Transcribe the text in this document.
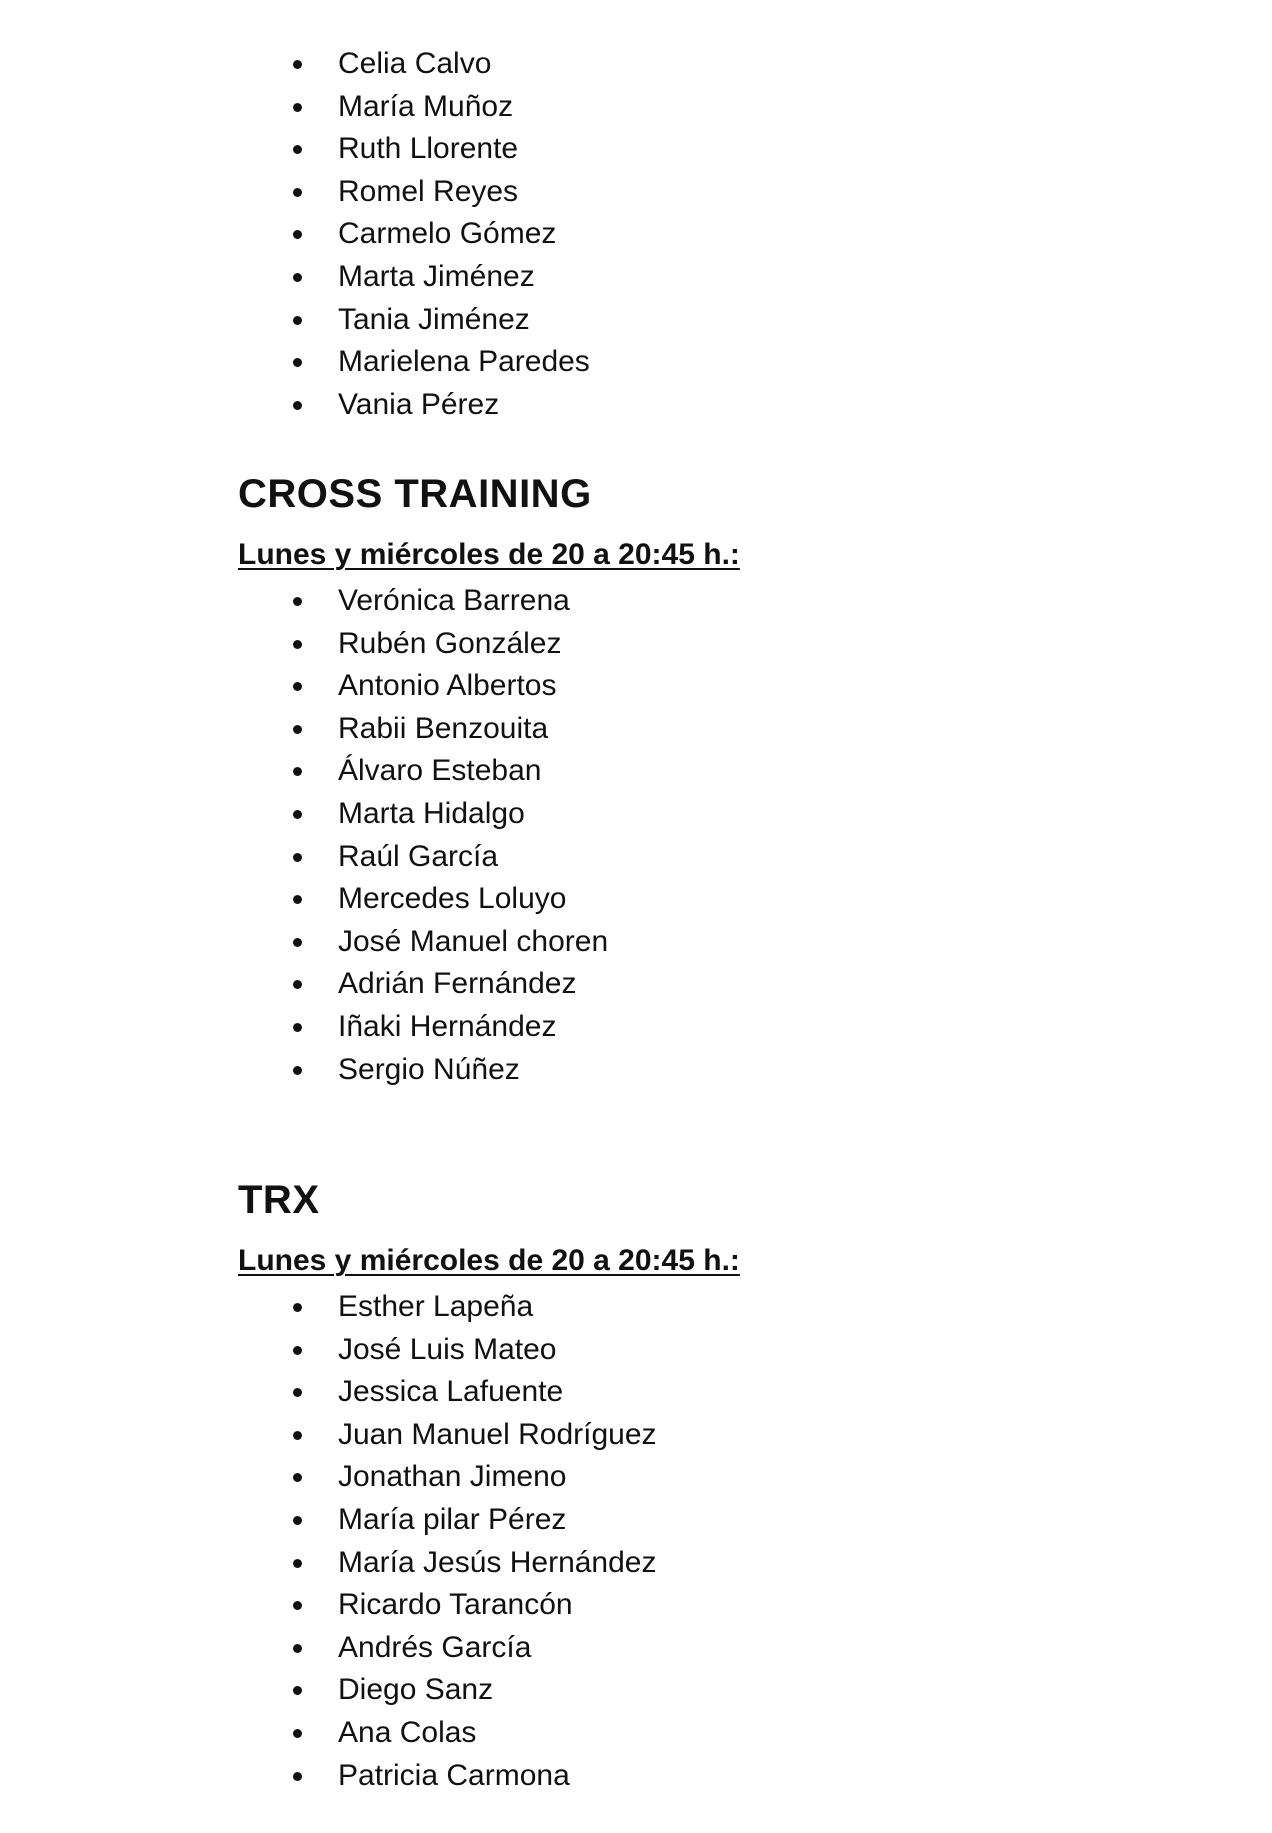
Celia Calvo
María Muñoz
Ruth Llorente
Romel Reyes
Carmelo Gómez
Marta Jiménez
Tania Jiménez
Marielena Paredes
Vania Pérez
CROSS TRAINING
Lunes y miércoles de 20 a 20:45 h.:
Verónica Barrena
Rubén González
Antonio Albertos
Rabii Benzouita
Álvaro Esteban
Marta Hidalgo
Raúl García
Mercedes Loluyo
José Manuel choren
Adrián Fernández
Iñaki Hernández
Sergio Núñez
TRX
Lunes y miércoles de 20 a 20:45 h.:
Esther Lapeña
José Luis Mateo
Jessica Lafuente
Juan Manuel Rodríguez
Jonathan Jimeno
María pilar Pérez
María Jesús Hernández
Ricardo Tarancón
Andrés García
Diego Sanz
Ana Colas
Patricia Carmona
